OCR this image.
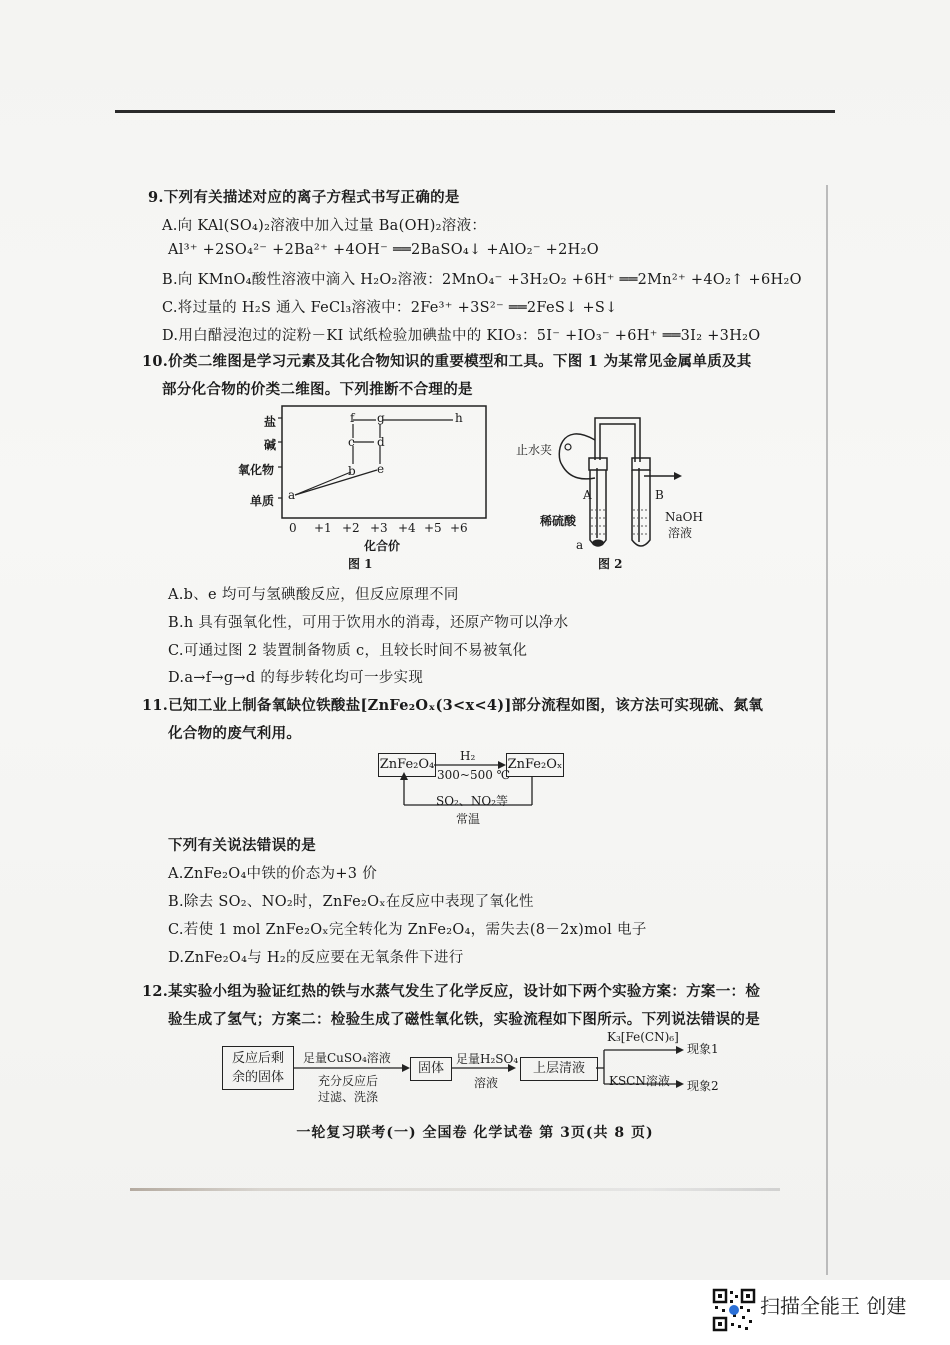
9.下列有关描述对应的离子方程式书写正确的是
A.向 KAl(SO₄)₂溶液中加入过量 Ba(OH)₂溶液：
Al³⁺ +2SO₄²⁻ +2Ba²⁺ +4OH⁻ ══2BaSO₄↓ +AlO₂⁻ +2H₂O
B.向 KMnO₄酸性溶液中滴入 H₂O₂溶液：2MnO₄⁻ +3H₂O₂ +6H⁺ ══2Mn²⁺ +4O₂↑ +6H₂O
C.将过量的 H₂S 通入 FeCl₃溶液中：2Fe³⁺ +3S²⁻ ══2FeS↓ +S↓
D.用白醋浸泡过的淀粉－KI 试纸检验加碘盐中的 KIO₃：5I⁻ +IO₃⁻ +6H⁺ ══3I₂ +3H₂O
10.价类二维图是学习元素及其化合物知识的重要模型和工具。下图 1 为某常见金属单质及其
部分化合物的价类二维图。下列推断不合理的是
盐
碱
氧化物
单质 a
b
c d
e
f g	h
0 +1 +2 +3 +4 +5 +6
化合价
图 1
止水夹
A	B
稀硫酸	NaOH
溶液
a
图 2
A.b、e 均可与氢碘酸反应，但反应原理不同
B.h 具有强氧化性，可用于饮用水的消毒，还原产物可以净水
C.可通过图 2 装置制备物质 c，且较长时间不易被氧化
D.a→f→g→d 的每步转化均可一步实现
11.已知工业上制备氧缺位铁酸盐[ZnFe₂Oₓ(3<x<4)]部分流程如图，该方法可实现硫、氮氧
化合物的废气利用。
ZnFe₂O₄	ZnFe₂Oₓ
H₂
300~500 ℃
SO₂、NO₂等
常温
下列有关说法错误的是
A.ZnFe₂O₄中铁的价态为+3 价
B.除去 SO₂、NO₂时，ZnFe₂Oₓ在反应中表现了氧化性
C.若使 1 mol ZnFe₂Oₓ完全转化为 ZnFe₂O₄，需失去(8－2x)mol 电子
D.ZnFe₂O₄与 H₂的反应要在无氧条件下进行
12.某实验小组为验证红热的铁与水蒸气发生了化学反应，设计如下两个实验方案：方案一：检
验生成了氢气；方案二：检验生成了磁性氧化铁，实验流程如下图所示。下列说法错误的是
反应后剩
余的固体
足量CuSO₄溶液
充分反应后
过滤、洗涤
固体
足量H₂SO₄
溶液
上层清液
K₃[Fe(CN)₆]
现象1
KSCN溶液 现象2
一轮复习联考(一) 全国卷 化学试卷 第 3页(共 8 页)
扫描全能王 创建
